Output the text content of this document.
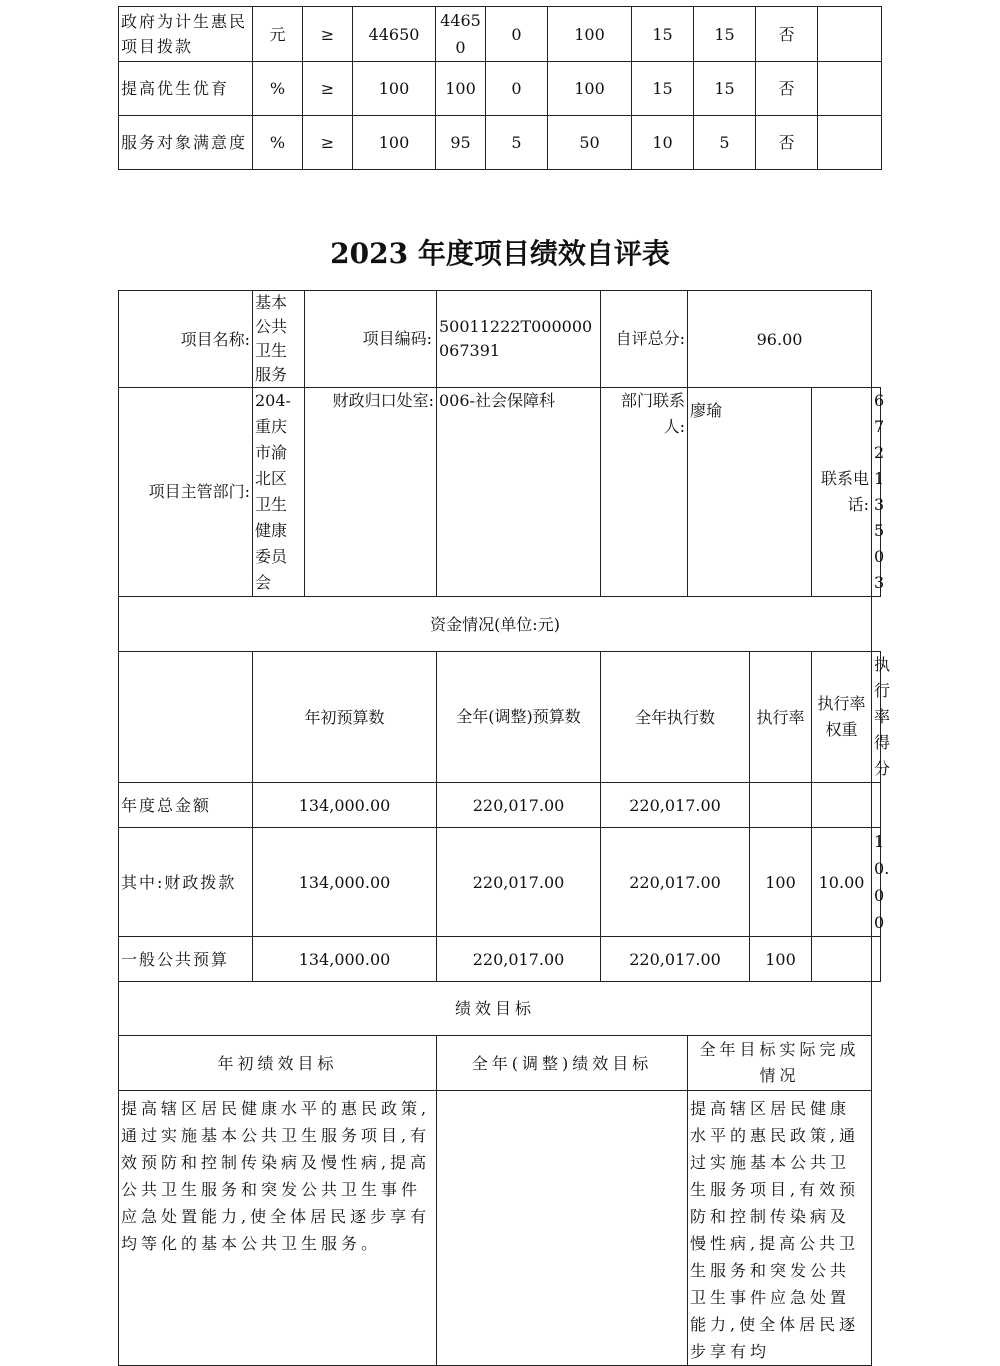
政府为计生惠民项目拨款	元	≥	44650	44650	0	100	15	15	否	
提高优生优育	%	≥	100	100	0	100	15	15	否	
服务对象满意度	%	≥	100	95	5	50	10	5	否	
2023 年度项目绩效自评表
项目名称:	基本公共卫生服务	项目编码:	50011222T000000067391	自评总分:	96.00			
项目主管部门:	204-重庆市渝北区卫生健康委员会	财政归口处室:	006-社会保障科	部门联系人:	廖瑜		联系电话:	67213503
资金情况(单位:元)								
	年初预算数		全年(调整)预算数	全年执行数		执行率	执行率权重	执行率得分
年度总金额	134,000.00		220,017.00	220,017.00				
其中:财政拨款	134,000.00		220,017.00	220,017.00		100	10.00	10.00
一般公共预算	134,000.00		220,017.00	220,017.00		100		
绩效目标								
年初绩效目标			全年(调整)绩效目标		全年目标实际完成情况			
提高辖区居民健康水平的惠民政策,通过实施基本公共卫生服务项目,有效预防和控制传染病及慢性病,提高公共卫生服务和突发公共卫生事件应急处置能力,使全体居民逐步享有均等化的基本公共卫生服务。					提高辖区居民健康水平的惠民政策,通过实施基本公共卫生服务项目,有效预防和控制传染病及慢性病,提高公共卫生服务和突发公共卫生事件应急处置能力,使全体居民逐步享有均			
